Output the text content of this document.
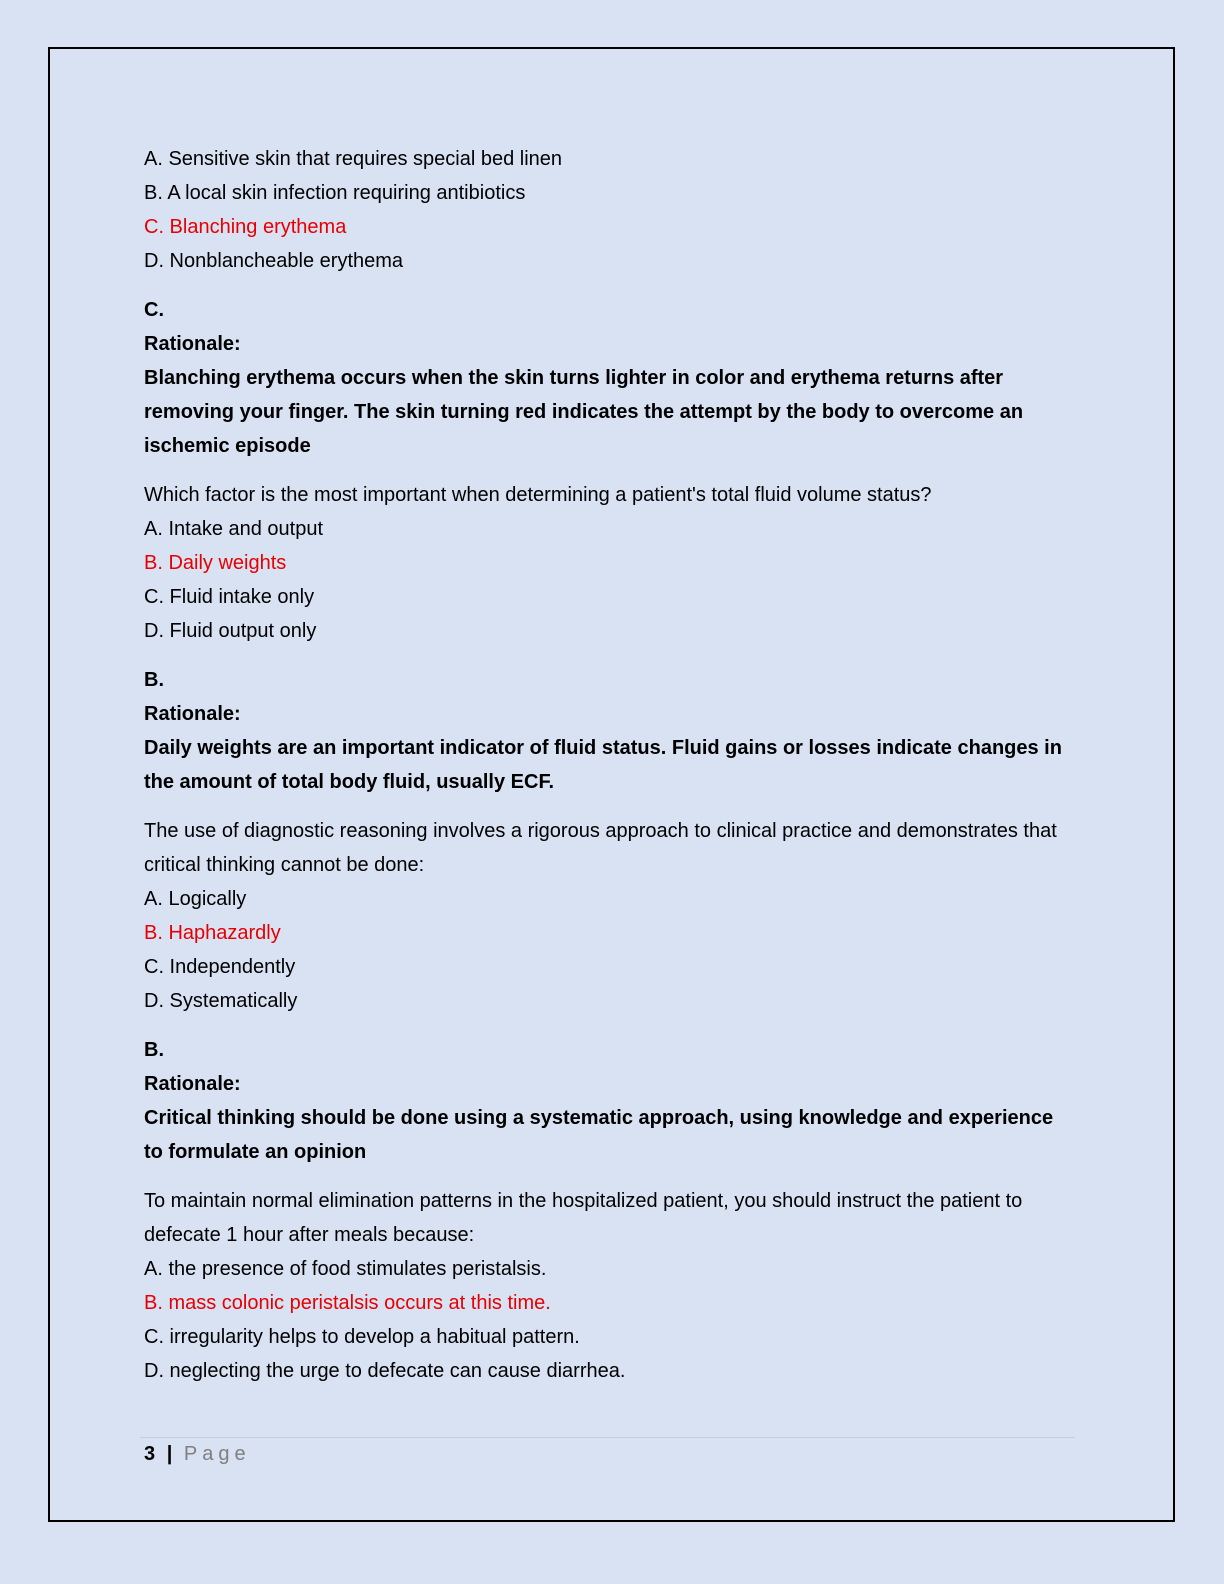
A. Sensitive skin that requires special bed linen

B. A local skin infection requiring antibiotics

C. Blanching erythema

D. Nonblancheable erythema

C.

Rationale:

Blanching erythema occurs when the skin turns lighter in color and erythema returns after removing your finger. The skin turning red indicates the attempt by the body to overcome an ischemic episode

Which factor is the most important when determining a patient's total fluid volume status?

A. Intake and output

B. Daily weights

C. Fluid intake only

D. Fluid output only

B.

Rationale:

Daily weights are an important indicator of fluid status. Fluid gains or losses indicate changes in the amount of total body fluid, usually ECF.

The use of diagnostic reasoning involves a rigorous approach to clinical practice and demonstrates that critical thinking cannot be done:

A. Logically

B. Haphazardly

C. Independently

D. Systematically

B.

Rationale:

Critical thinking should be done using a systematic approach, using knowledge and experience to formulate an opinion

To maintain normal elimination patterns in the hospitalized patient, you should instruct the patient to defecate 1 hour after meals because:

A. the presence of food stimulates peristalsis.

B. mass colonic peristalsis occurs at this time.

C. irregularity helps to develop a habitual pattern.

D. neglecting the urge to defecate can cause diarrhea.

3 | Page
